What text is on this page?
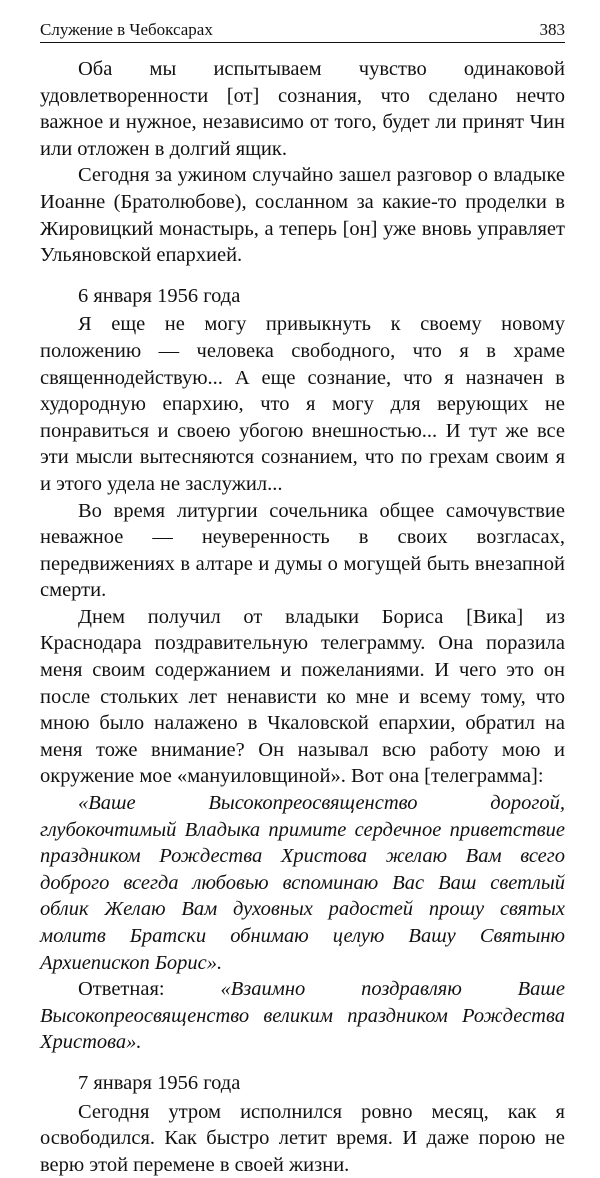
Служение в Чебоксарах	383

Оба мы испытываем чувство одинаковой удовлетворенности [от] сознания, что сделано нечто важное и нужное, независимо от того, будет ли принят Чин или отложен в долгий ящик.

Сегодня за ужином случайно зашел разговор о владыке Иоанне (Братолюбове), сосланном за какие-то проделки в Жировицкий монастырь, а теперь [он] уже вновь управляет Ульяновской епархией.

6 января 1956 года

Я еще не могу привыкнуть к своему новому положению — человека свободного, что я в храме священнодействую... А еще сознание, что я назначен в худородную епархию, что я могу для верующих не понравиться и своею убогою внешностью... И тут же все эти мысли вытесняются сознанием, что по грехам своим я и этого удела не заслужил...

Во время литургии сочельника общее самочувствие неважное — неуверенность в своих возгласах, передвижениях в алтаре и думы о могущей быть внезапной смерти.

Днем получил от владыки Бориса [Вика] из Краснодара поздравительную телеграмму. Она поразила меня своим содержанием и пожеланиями. И чего это он после стольких лет ненависти ко мне и всему тому, что мною было налажено в Чкаловской епархии, обратил на меня тоже внимание? Он называл всю работу мою и окружение мое «мануиловщиной». Вот она [телеграмма]:

«Ваше Высокопреосвященство дорогой, глубокочтимый Владыка примите сердечное приветствие праздником Рождества Христова желаю Вам всего доброго всегда любовью вспоминаю Вас Ваш светлый облик Желаю Вам духовных радостей прошу святых молитв Братски обнимаю целую Вашу Святыню Архиепископ Борис».

Ответная: «Взаимно поздравляю Ваше Высокопреосвященство великим праздником Рождества Христова».

7 января 1956 года

Сегодня утром исполнился ровно месяц, как я освободился. Как быстро летит время. И даже порою не верю этой перемене в своей жизни.
